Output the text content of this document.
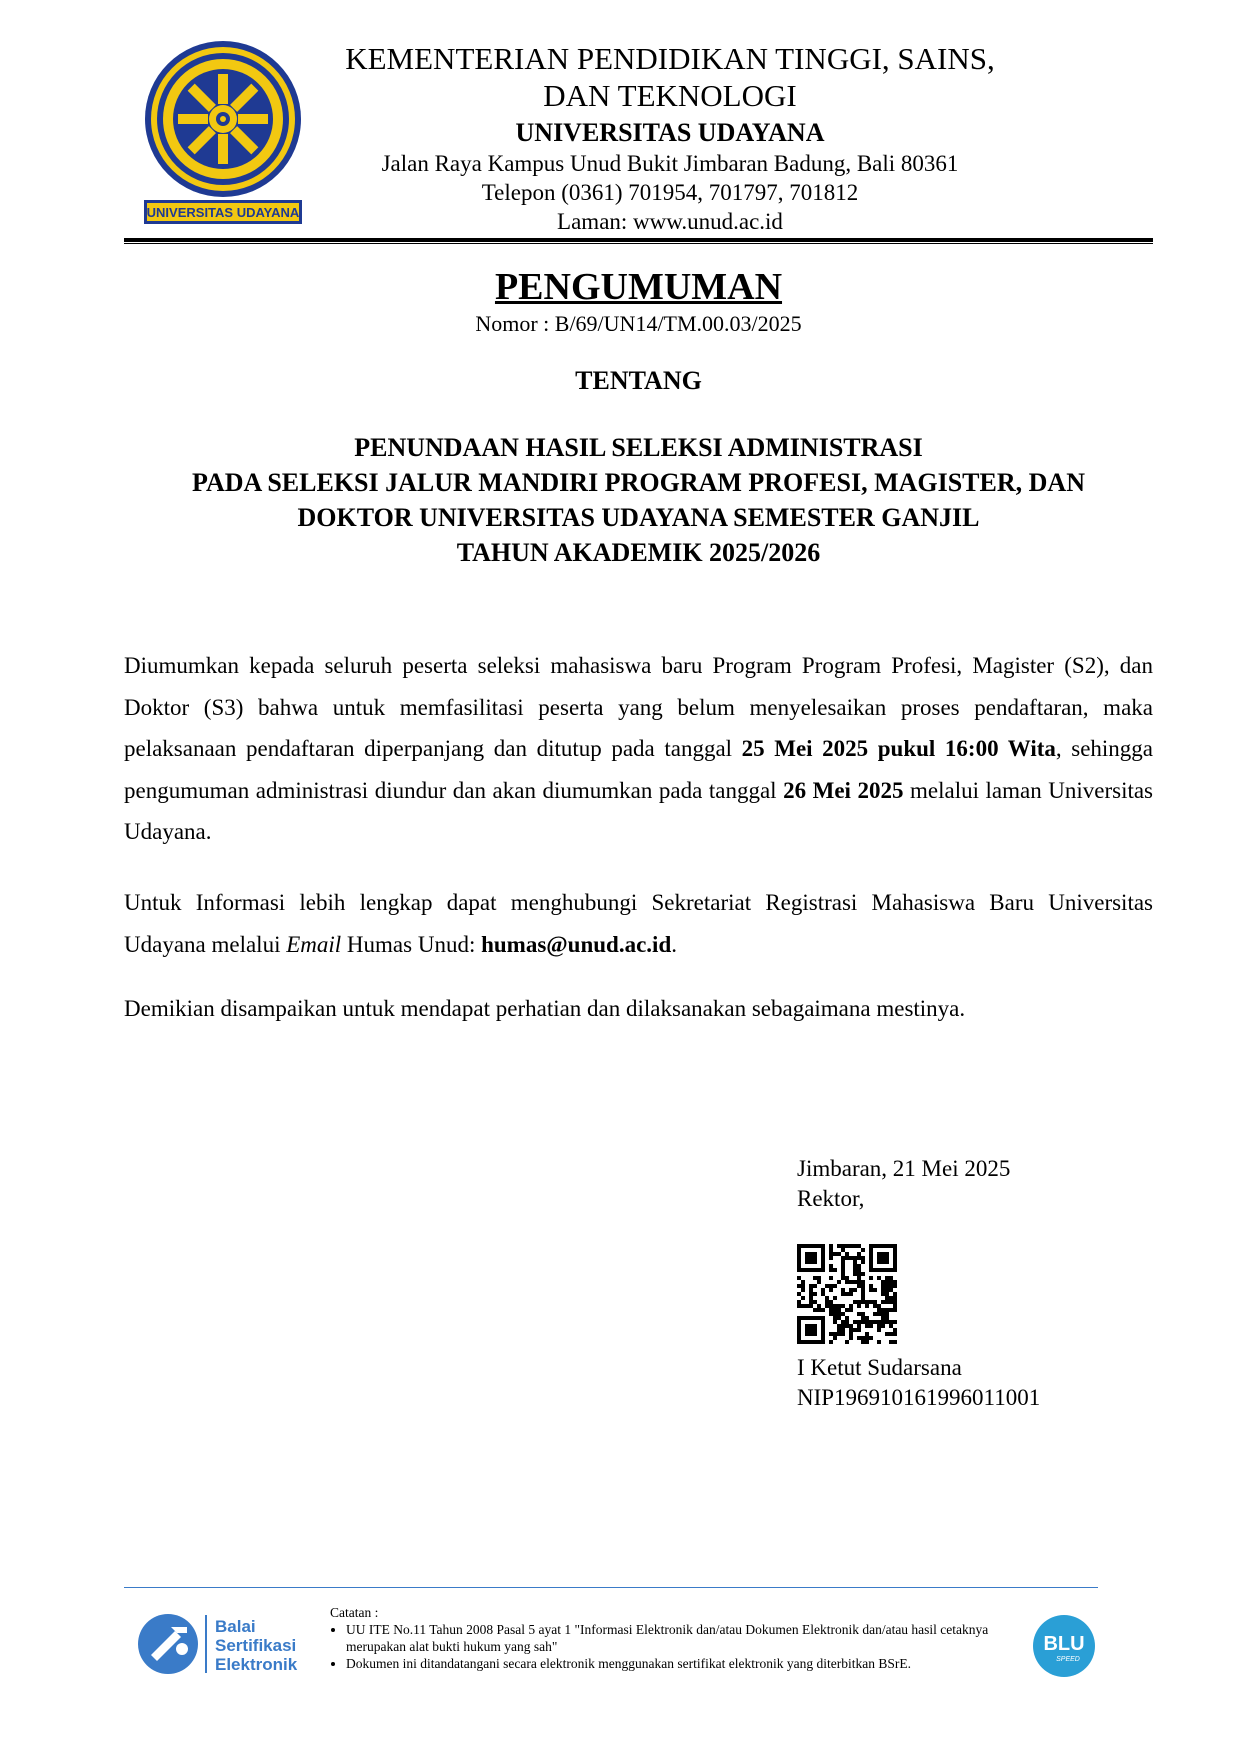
UNIVERSITAS UDAYANA
KEMENTERIAN PENDIDIKAN TINGGI, SAINS,
DAN TEKNOLOGI
UNIVERSITAS UDAYANA
Jalan Raya Kampus Unud Bukit Jimbaran Badung, Bali 80361
Telepon (0361) 701954, 701797, 701812
Laman: www.unud.ac.id
PENGUMUMAN
Nomor : B/69/UN14/TM.00.03/2025
TENTANG
PENUNDAAN HASIL SELEKSI ADMINISTRASI
PADA SELEKSI JALUR MANDIRI PROGRAM PROFESI, MAGISTER, DAN
DOKTOR UNIVERSITAS UDAYANA SEMESTER GANJIL
TAHUN AKADEMIK 2025/2026
Diumumkan kepada seluruh peserta seleksi mahasiswa baru Program Program Profesi, Magister (S2), dan Doktor (S3) bahwa untuk memfasilitasi peserta yang belum menyelesaikan proses pendaftaran, maka pelaksanaan pendaftaran diperpanjang dan ditutup pada tanggal 25 Mei 2025 pukul 16:00 Wita, sehingga pengumuman administrasi diundur dan akan diumumkan pada tanggal 26 Mei 2025 melalui laman Universitas Udayana.
Untuk Informasi lebih lengkap dapat menghubungi Sekretariat Registrasi Mahasiswa Baru Universitas Udayana melalui Email Humas Unud: humas@unud.ac.id.
Demikian disampaikan untuk mendapat perhatian dan dilaksanakan sebagaimana mestinya.
Jimbaran, 21 Mei 2025
Rektor,
I Ketut Sudarsana
NIP196910161996011001
Balai
Sertifikasi
Elektronik
Catatan :
• UU ITE No.11 Tahun 2008 Pasal 5 ayat 1 "Informasi Elektronik dan/atau Dokumen Elektronik dan/atau hasil cetaknya merupakan alat bukti hukum yang sah"
• Dokumen ini ditandatangani secara elektronik menggunakan sertifikat elektronik yang diterbitkan BSrE.
BLU
SPEED
